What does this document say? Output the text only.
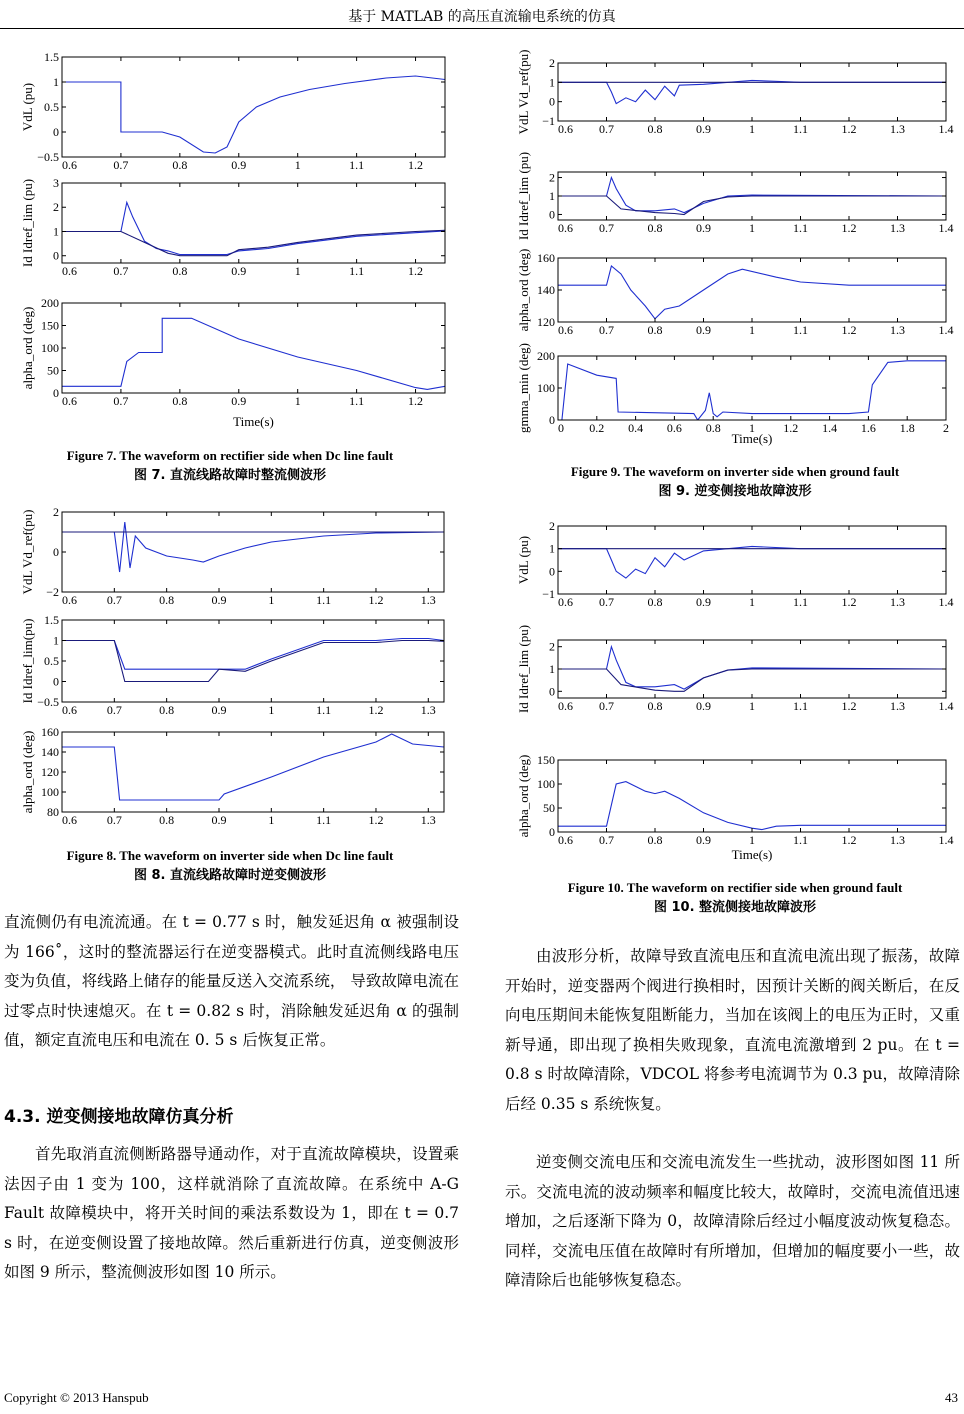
基于 MATLAB 的高压直流输电系统的仿真
0.6	0.7	0.8	0.9	1	1.1	1.2
−0.5
0
0.5
1
1.5
VdL (pu)
0.6	0.7	0.8	0.9	1	1.1	1.2
0
1
2
3
Id Idref_lim (pu)
0.6	0.7	0.8	0.9	1	1.1	1.2
0
50
100
150
200
alpha_ord (deg)
Time(s)
Figure 7. The waveform on rectifier side when Dc line fault
图 7. 直流线路故障时整流侧波形
0.6 0.7	0.8	0.9	1	1.1	1.2	1.3
−2
0
2
VdL Vd_ref(pu)
0.6 0.7	0.8	0.9	1	1.1	1.2	1.3
−0.5
0
0.5
1
1.5
Id Idref_lim(pu)
0.6 0.7	0.8	0.9	1	1.1	1.2	1.3
80
100
120
140
160
alpha_ord (deg)
Figure 8. The waveform on inverter side when Dc line fault
图 8. 直流线路故障时逆变侧波形
0.6 0.7	0.8	0.9	1	1.1	1.2	1.3	1.4
−1
0
1
2
VdL Vd_ref(pu)
0.6 0.7	0.8	0.9	1	1.1	1.2	1.3	1.4
0
1
2
Id Idref_lim (pu)
0.6 0.7	0.8	0.9	1	1.1	1.2	1.3	1.4
120
140
160
alpha_ord (deg)
0 0.2 0.4 0.6 0.8 1 1.2 1.4 1.6 1.8 2
0
100
200
gmma_min (deg)
Time(s)
Figure 9. The waveform on inverter side when ground fault
图 9. 逆变侧接地故障波形
0.6 0.7	0.8	0.9	1	1.1	1.2	1.3	1.4
−1
0
1
2
VdL (pu)
0.6 0.7	0.8	0.9	1	1.1	1.2	1.3	1.4
0
1
2
Id Idref_lim (pu)
0.6 0.7	0.8	0.9	1	1.1	1.2	1.3	1.4
0
50
100
150
alpha_ord (deg)
Time(s)
Figure 10. The waveform on rectifier side when ground fault
图 10. 整流侧接地故障波形

直流侧仍有电流流通。在 t = 0.77 s 时，触发延迟角 α 被强制设为 166˚，这时的整流器运行在逆变器模式。此时直流侧线路电压变为负值，将线路上储存的能量反送入交流系统， 导致故障电流在过零点时快速熄灭。在 t = 0.82 s 时，消除触发延迟角 α 的强制值，额定直流电压和电流在 0. 5 s 后恢复正常。

4.3. 逆变侧接地故障仿真分析

首先取消直流侧断路器导通动作，对于直流故障模块，设置乘法因子由 1 变为 100，这样就消除了直流故障。在系统中 A-G Fault 故障模块中，将开关时间的乘法系数设为 1，即在 t = 0.7 s 时，在逆变侧设置了接地故障。然后重新进行仿真，逆变侧波形如图 9 所示，整流侧波形如图 10 所示。

由波形分析，故障导致直流电压和直流电流出现了振荡，故障开始时，逆变器两个阀进行换相时，因预计关断的阀关断后，在反向电压期间未能恢复阻断能力，当加在该阀上的电压为正时，又重新导通，即出现了换相失败现象，直流电流激增到 2 pu。在 t = 0.8 s 时故障清除，VDCOL 将参考电流调节为 0.3 pu，故障清除后经 0.35 s 系统恢复。

逆变侧交流电压和交流电流发生一些扰动，波形图如图 11 所示。交流电流的波动频率和幅度比较大，故障时，交流电流值迅速增加，之后逐渐下降为 0，故障清除后经过小幅度波动恢复稳态。同样，交流电压值在故障时有所增加，但增加的幅度要小一些，故障清除后也能够恢复稳态。

Copyright © 2013 Hanspub	43
